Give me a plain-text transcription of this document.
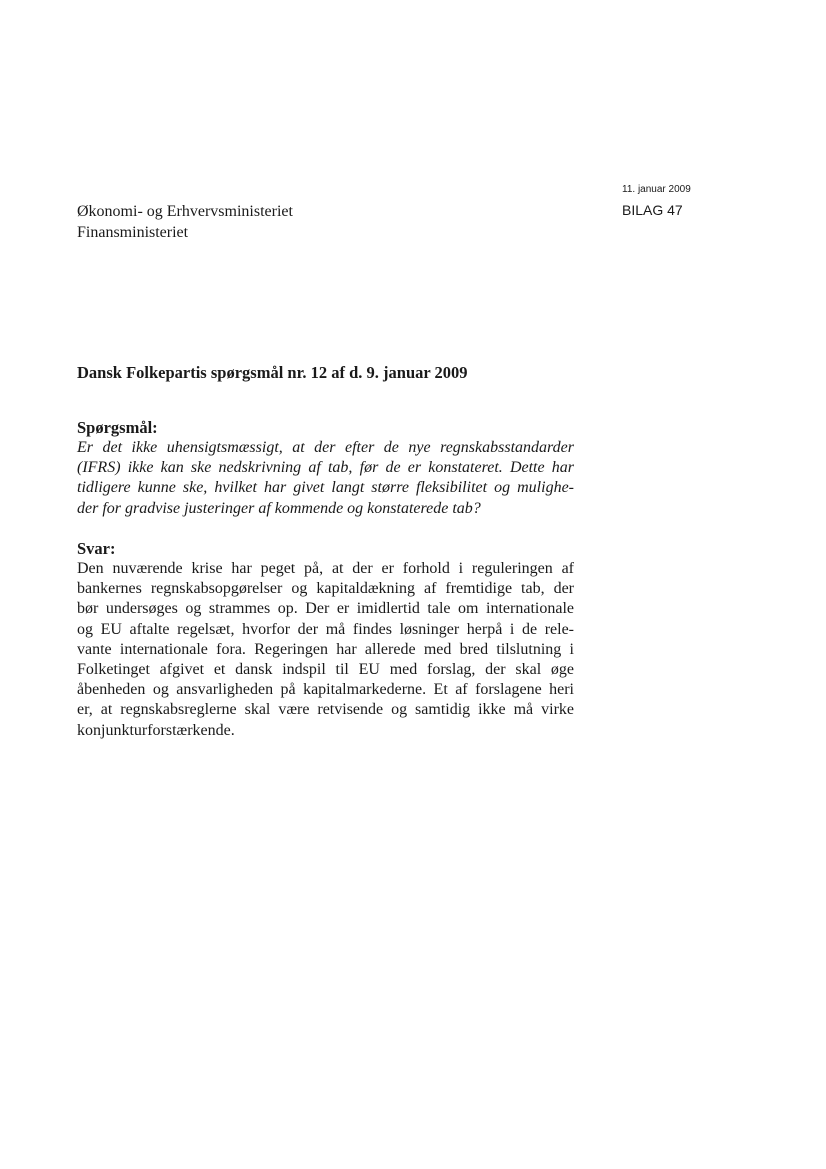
11. januar 2009
BILAG 47
Økonomi- og Erhvervsministeriet
Finansministeriet
Dansk Folkepartis spørgsmål nr. 12 af d. 9. januar 2009
Spørgsmål:
Er det ikke uhensigtsmæssigt, at der efter de nye regnskabsstandarder
(IFRS) ikke kan ske nedskrivning af tab, før de er konstateret. Dette har
tidligere kunne ske, hvilket har givet langt større fleksibilitet og mulighe-
der for gradvise justeringer af kommende og konstaterede tab?
Svar:
Den nuværende krise har peget på, at der er forhold i reguleringen af
bankernes regnskabsopgørelser og kapitaldækning af fremtidige tab, der
bør undersøges og strammes op. Der er imidlertid tale om internationale
og EU aftalte regelsæt, hvorfor der må findes løsninger herpå i de rele-
vante internationale fora. Regeringen har allerede med bred tilslutning i
Folketinget afgivet et dansk indspil til EU med forslag, der skal øge
åbenheden og ansvarligheden på kapitalmarkederne. Et af forslagene heri
er, at regnskabsreglerne skal være retvisende og samtidig ikke må virke
konjunkturforstærkende.
